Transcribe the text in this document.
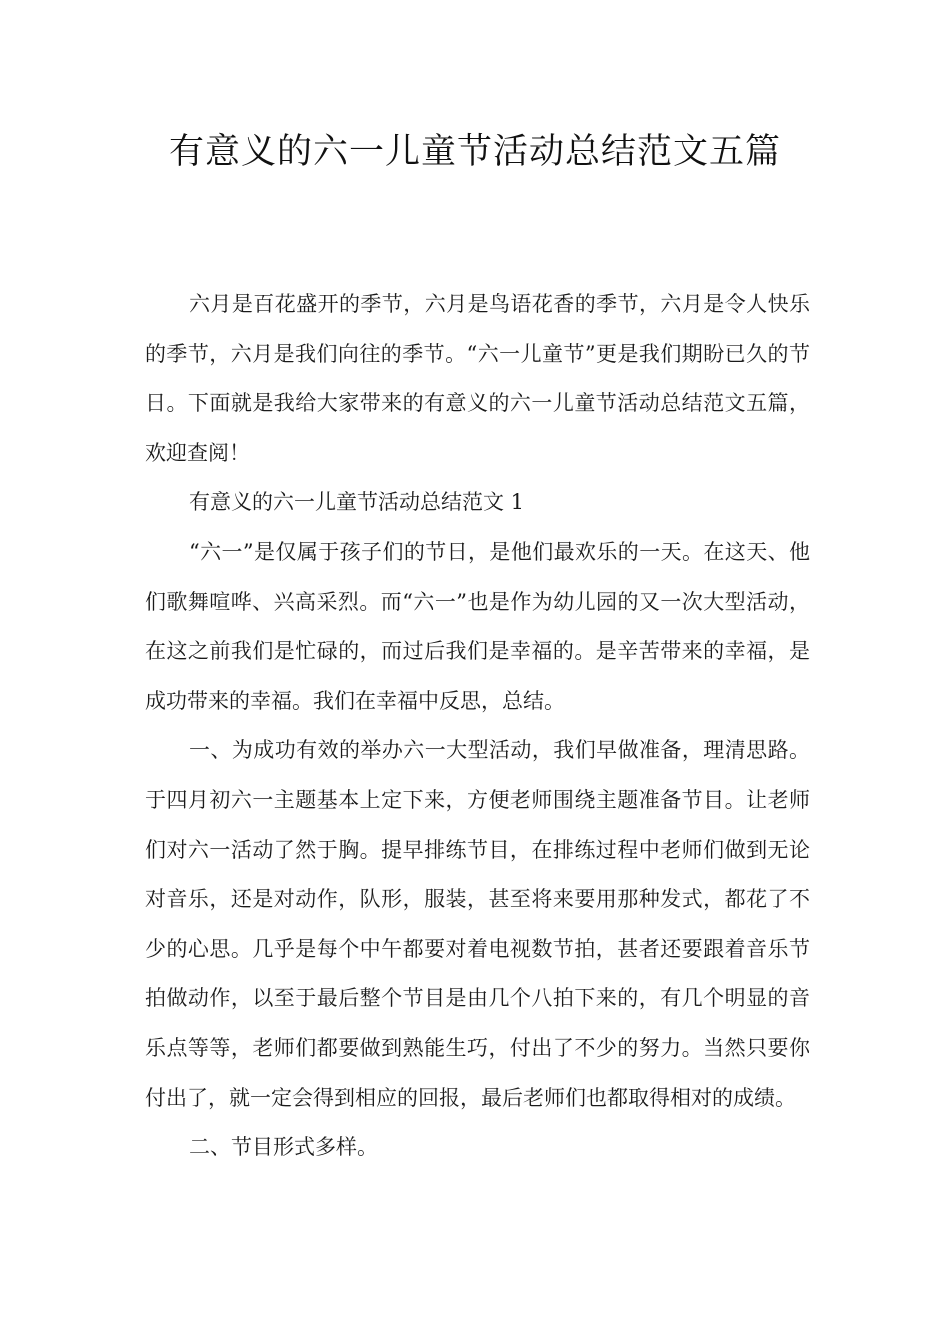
有意义的六一儿童节活动总结范文五篇

六月是百花盛开的季节，六月是鸟语花香的季节，六月是令人快乐的季节，六月是我们向往的季节。“六一儿童节”更是我们期盼已久的节日。下面就是我给大家带来的有意义的六一儿童节活动总结范文五篇，欢迎查阅！

有意义的六一儿童节活动总结范文 1

“六一”是仅属于孩子们的节日，是他们最欢乐的一天。在这天、他们歌舞喧哗、兴高采烈。而“六一”也是作为幼儿园的又一次大型活动，在这之前我们是忙碌的，而过后我们是幸福的。是辛苦带来的幸福，是成功带来的幸福。我们在幸福中反思，总结。

一、为成功有效的举办六一大型活动，我们早做准备，理清思路。于四月初六一主题基本上定下来，方便老师围绕主题准备节目。让老师们对六一活动了然于胸。提早排练节目，在排练过程中老师们做到无论对音乐，还是对动作，队形，服装，甚至将来要用那种发式，都花了不少的心思。几乎是每个中午都要对着电视数节拍，甚者还要跟着音乐节拍做动作，以至于最后整个节目是由几个八拍下来的，有几个明显的音乐点等等，老师们都要做到熟能生巧，付出了不少的努力。当然只要你付出了，就一定会得到相应的回报，最后老师们也都取得相对的成绩。

二、节目形式多样。
